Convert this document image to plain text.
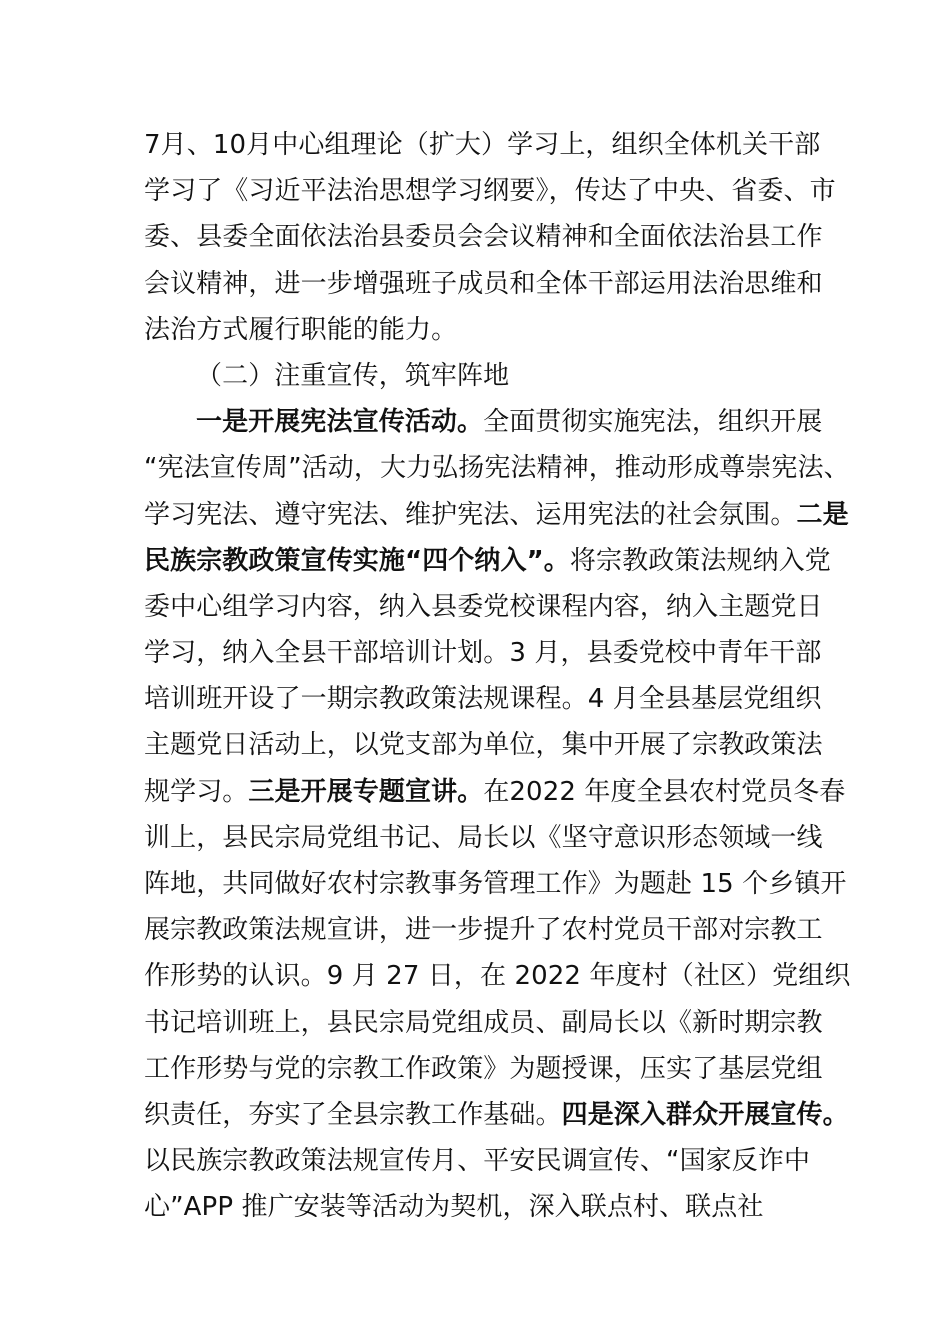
7月、10月中心组理论（扩大）学习上，组织全体机关干部
学习了《习近平法治思想学习纲要》，传达了中央、省委、市
委、县委全面依法治县委员会会议精神和全面依法治县工作
会议精神，进一步增强班子成员和全体干部运用法治思维和
法治方式履行职能的能力。
（二）注重宣传，筑牢阵地
一是开展宪法宣传活动。全面贯彻实施宪法，组织开展
“宪法宣传周”活动，大力弘扬宪法精神，推动形成尊崇宪法、
学习宪法、遵守宪法、维护宪法、运用宪法的社会氛围。二是
民族宗教政策宣传实施“四个纳入”。将宗教政策法规纳入党
委中心组学习内容，纳入县委党校课程内容，纳入主题党日
学习，纳入全县干部培训计划。3 月，县委党校中青年干部
培训班开设了一期宗教政策法规课程。4 月全县基层党组织
主题党日活动上，以党支部为单位，集中开展了宗教政策法
规学习。三是开展专题宣讲。在2022 年度全县农村党员冬春
训上，县民宗局党组书记、局长以《坚守意识形态领域一线
阵地，共同做好农村宗教事务管理工作》为题赴 15 个乡镇开
展宗教政策法规宣讲，进一步提升了农村党员干部对宗教工
作形势的认识。9 月 27 日，在 2022 年度村（社区）党组织
书记培训班上，县民宗局党组成员、副局长以《新时期宗教
工作形势与党的宗教工作政策》为题授课，压实了基层党组
织责任，夯实了全县宗教工作基础。四是深入群众开展宣传。
以民族宗教政策法规宣传月、平安民调宣传、“国家反诈中
心”APP 推广安装等活动为契机，深入联点村、联点社
